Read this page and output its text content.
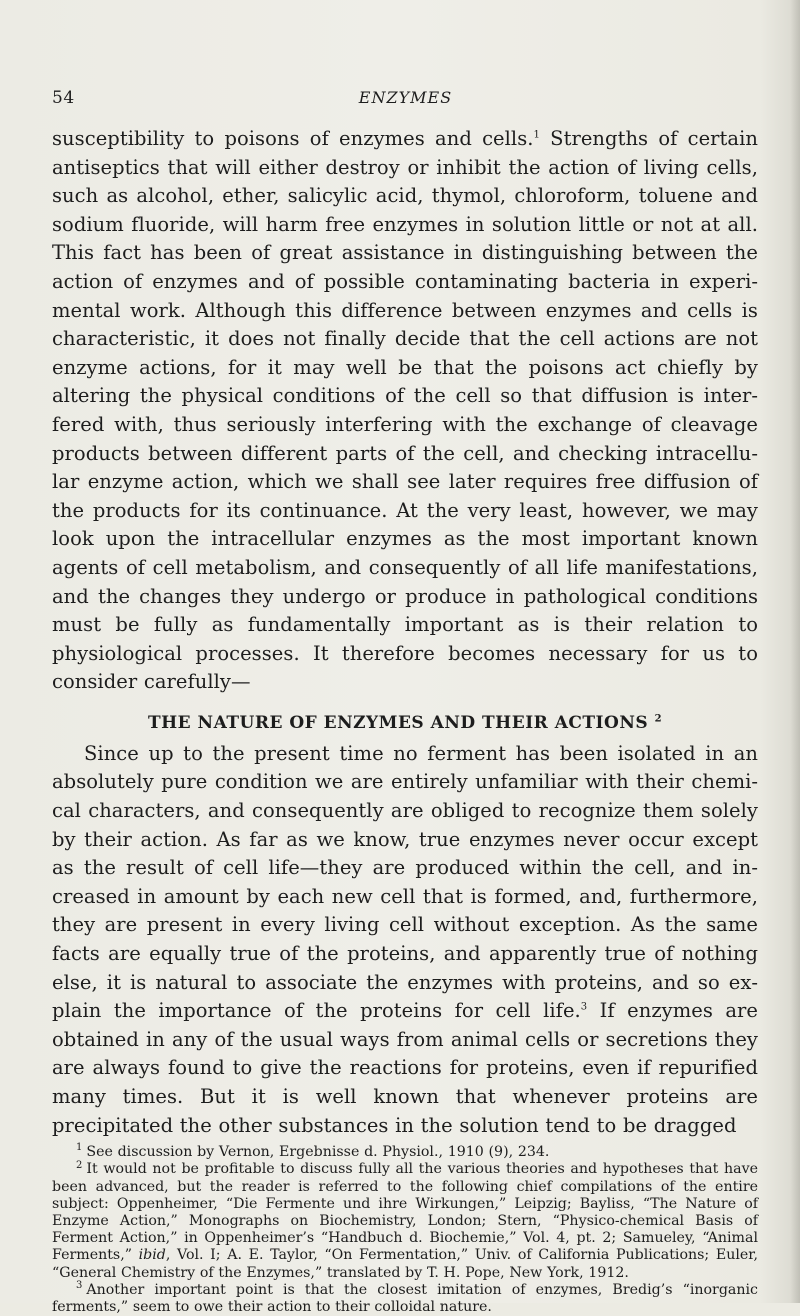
54	ENZYMES

susceptibility to poisons of enzymes and cells.$^1$ Strengths of certain antiseptics that will either destroy or inhibit the action of living cells, such as alcohol, ether, salicylic acid, thymol, chloroform, toluene and sodium fluoride, will harm free enzymes in solution little or not at all. This fact has been of great assistance in distinguishing between the action of enzymes and of possible contaminating bacteria in experimental work. Although this difference between enzymes and cells is characteristic, it does not finally decide that the cell actions are not enzyme actions, for it may well be that the poisons act chiefly by altering the physical conditions of the cell so that diffusion is interfered with, thus seriously interfering with the exchange of cleavage products between different parts of the cell, and checking intracellular enzyme action, which we shall see later requires free diffusion of the products for its continuance. At the very least, however, we may look upon the intracellular enzymes as the most important known agents of cell metabolism, and consequently of all life manifestations, and the changes they undergo or produce in pathological conditions must be fully as fundamentally important as is their relation to physiological processes. It therefore becomes necessary for us to consider carefully—

THE NATURE OF ENZYMES AND THEIR ACTIONS $^2$

Since up to the present time no ferment has been isolated in an absolutely pure condition we are entirely unfamiliar with their chemical characters, and consequently are obliged to recognize them solely by their action. As far as we know, true enzymes never occur except as the result of cell life—they are produced within the cell, and increased in amount by each new cell that is formed, and, furthermore, they are present in every living cell without exception. As the same facts are equally true of the proteins, and apparently true of nothing else, it is natural to associate the enzymes with proteins, and so explain the importance of the proteins for cell life.$^3$ If enzymes are obtained in any of the usual ways from animal cells or secretions they are always found to give the reactions for proteins, even if repurified many times. But it is well known that whenever proteins are precipitated the other substances in the solution tend to be dragged

$^1$ See discussion by Vernon, Ergebnisse d. Physiol., 1910 (9), 234.

$^2$ It would not be profitable to discuss fully all the various theories and hypotheses that have been advanced, but the reader is referred to the following chief compilations of the entire subject: Oppenheimer, “Die Fermente und ihre Wirkungen,” Leipzig; Bayliss, “The Nature of Enzyme Action,” Monographs on Biochemistry, London; Stern, “Physico-chemical Basis of Ferment Action,” in Oppenheimer’s “Handbuch d. Biochemie,” Vol. 4, pt. 2; Samueley, “Animal Ferments,” ibid, Vol. I; A. E. Taylor, “On Fermentation,” Univ. of California Publications; Euler, “General Chemistry of the Enzymes,” translated by T. H. Pope, New York, 1912.

$^3$ Another important point is that the closest imitation of enzymes, Bredig’s “inorganic ferments,” seem to owe their action to their colloidal nature.
